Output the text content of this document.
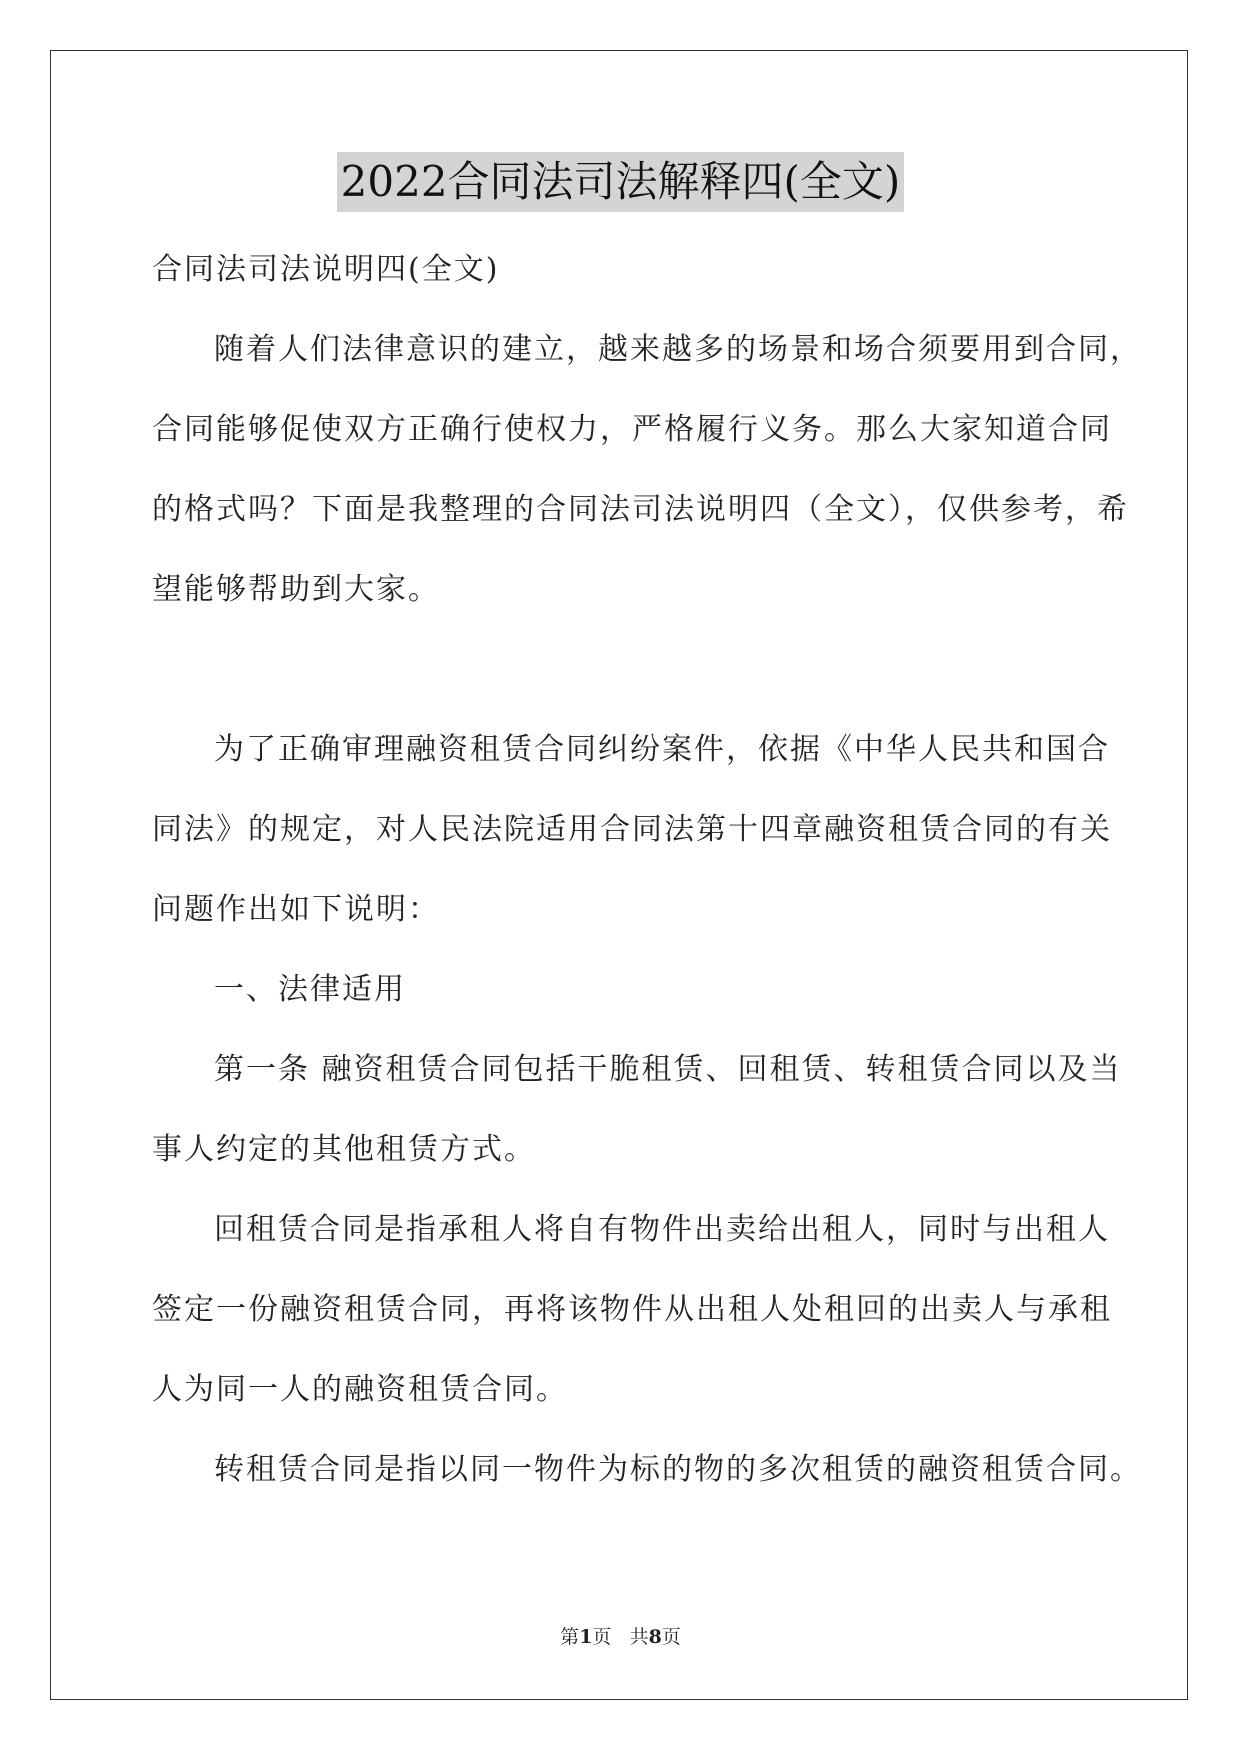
2022合同法司法解释四(全文)
合同法司法说明四(全文)
随着人们法律意识的建立，越来越多的场景和场合须要用到合同，
合同能够促使双方正确行使权力，严格履行义务。那么大家知道合同
的格式吗？下面是我整理的合同法司法说明四（全文），仅供参考，希
望能够帮助到大家。
为了正确审理融资租赁合同纠纷案件，依据《中华人民共和国合
同法》的规定，对人民法院适用合同法第十四章融资租赁合同的有关
问题作出如下说明：
一、法律适用
第一条 融资租赁合同包括干脆租赁、回租赁、转租赁合同以及当
事人约定的其他租赁方式。
回租赁合同是指承租人将自有物件出卖给出租人，同时与出租人
签定一份融资租赁合同，再将该物件从出租人处租回的出卖人与承租
人为同一人的融资租赁合同。
转租赁合同是指以同一物件为标的物的多次租赁的融资租赁合同。
第1页 共8页
